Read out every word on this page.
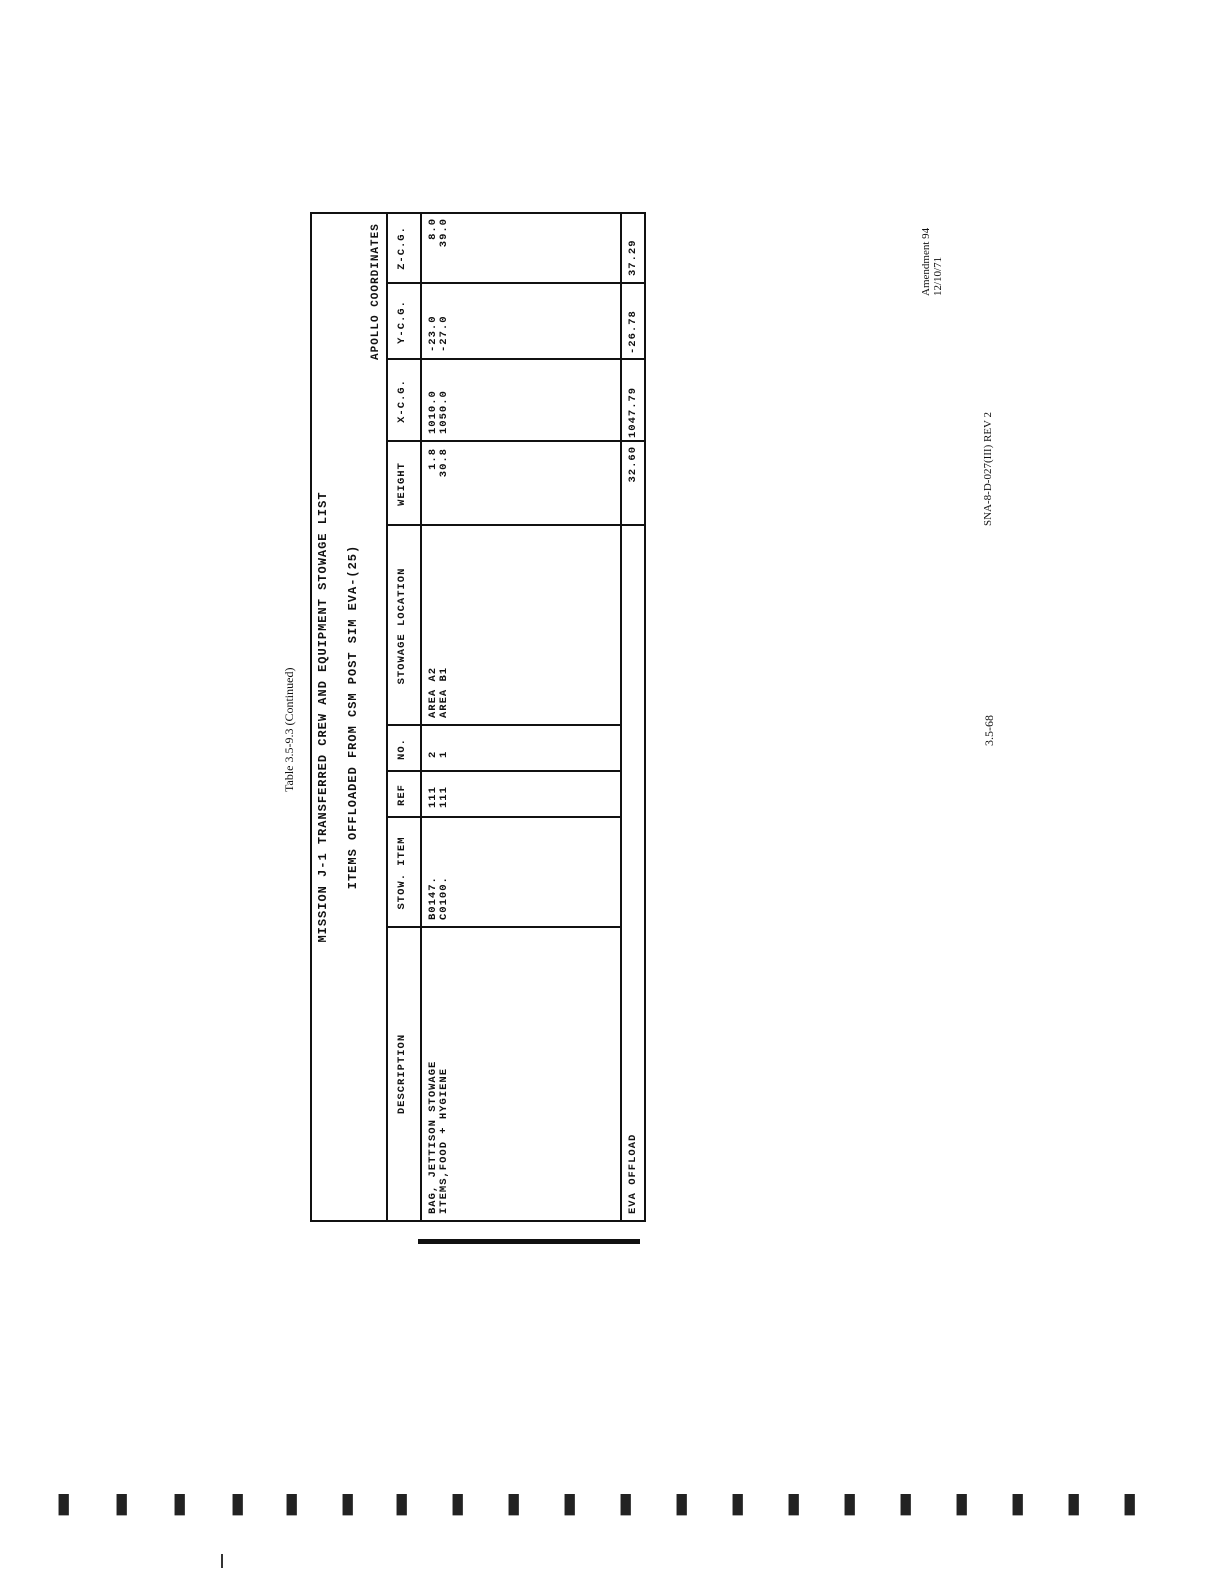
Amendment 94 12/10/71
Table 3.5-9.3 (Continued)	3.5-68
SNA-8-D-027(III) REV 2
MISSION J-1 TRANSFERRED CREW AND EQUIPMENT STOWAGE LIST ITEMS OFFLOADED FROM CSM POST SIM EVA-(25)
APOLLO COORDINATES
DESCRIPTION
STOW. ITEM
REF
NO.
STOWAGE LOCATION
WEIGHT
X-C.G.
Y-C.G.
Z-C.G.
BAG, JETTISON STOWAGE
ITEMS,FOOD + HYGIENE
B0147.
C0100.
111
111
2
1
AREA A2
AREA B1
1.8
30.8
1010.0
1050.0
-23.0
-27.0
8.0
39.0
EVA OFFLOAD
32.60
1047.79
-26.78
37.29
▮ ▮ ▮ ▮ ▮ ▮ ▮ ▮ ▮ ▮ ▮ ▮ ▮ ▮ ▮ ▮ ▮ ▮ ▮ ▮
